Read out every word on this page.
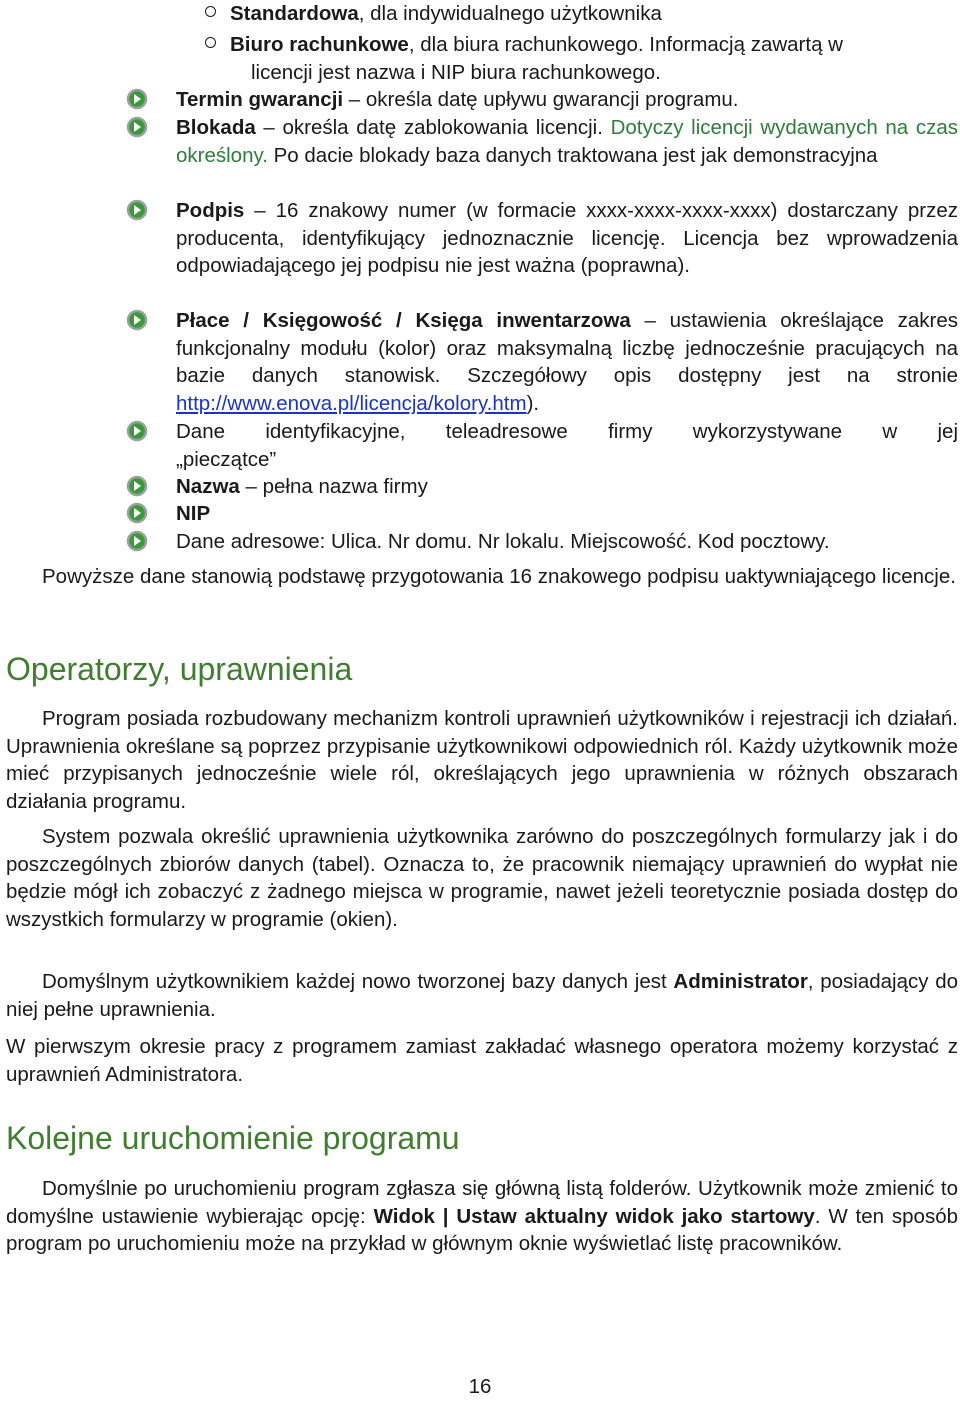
Standardowa, dla indywidualnego użytkownika
Biuro rachunkowe, dla biura rachunkowego. Informacją zawartą w
licencji jest nazwa i NIP biura rachunkowego.

Termin gwarancji – określa datę upływu gwarancji programu.

Blokada – określa datę zablokowania licencji. Dotyczy licencji wydawanych na czas określony. Po dacie blokady baza danych traktowana jest jak demonstracyjna

Podpis – 16 znakowy numer (w formacie xxxx-xxxx-xxxx-xxxx) dostarczany przez producenta, identyfikujący jednoznacznie licencję. Licencja bez wprowadzenia odpowiadającego jej podpisu nie jest ważna (poprawna).

Płace / Księgowość / Księga inwentarzowa – ustawienia określające zakres funkcjonalny modułu (kolor) oraz maksymalną liczbę jednocześnie pracujących na bazie danych stanowisk. Szczegółowy opis dostępny jest na stronie http://www.enova.pl/licencja/kolory.htm).

Dane identyfikacyjne, teleadresowe firmy wykorzystywane w jej

„pieczątce”

Nazwa – pełna nazwa firmy

NIP

Dane adresowe: Ulica. Nr domu. Nr lokalu. Miejscowość. Kod pocztowy.

Powyższe dane stanowią podstawę przygotowania 16 znakowego podpisu uaktywniającego licencje.

Operatorzy, uprawnienia

Program posiada rozbudowany mechanizm kontroli uprawnień użytkowników i rejestracji ich działań. Uprawnienia określane są poprzez przypisanie użytkownikowi odpowiednich ról. Każdy użytkownik może mieć przypisanych jednocześnie wiele ról, określających jego uprawnienia w różnych obszarach działania programu.

System pozwala określić uprawnienia użytkownika zarówno do poszczególnych formularzy jak i do poszczególnych zbiorów danych (tabel). Oznacza to, że pracownik niemający uprawnień do wypłat nie będzie mógł ich zobaczyć z żadnego miejsca w programie, nawet jeżeli teoretycznie posiada dostęp do wszystkich formularzy w programie (okien).

Domyślnym użytkownikiem każdej nowo tworzonej bazy danych jest Administrator, posiadający do niej pełne uprawnienia.

W pierwszym okresie pracy z programem zamiast zakładać własnego operatora możemy korzystać z uprawnień Administratora.

Kolejne uruchomienie programu

Domyślnie po uruchomieniu program zgłasza się główną listą folderów. Użytkownik może zmienić to domyślne ustawienie wybierając opcję: Widok | Ustaw aktualny widok jako startowy. W ten sposób program po uruchomieniu może na przykład w głównym oknie wyświetlać listę pracowników.

16
